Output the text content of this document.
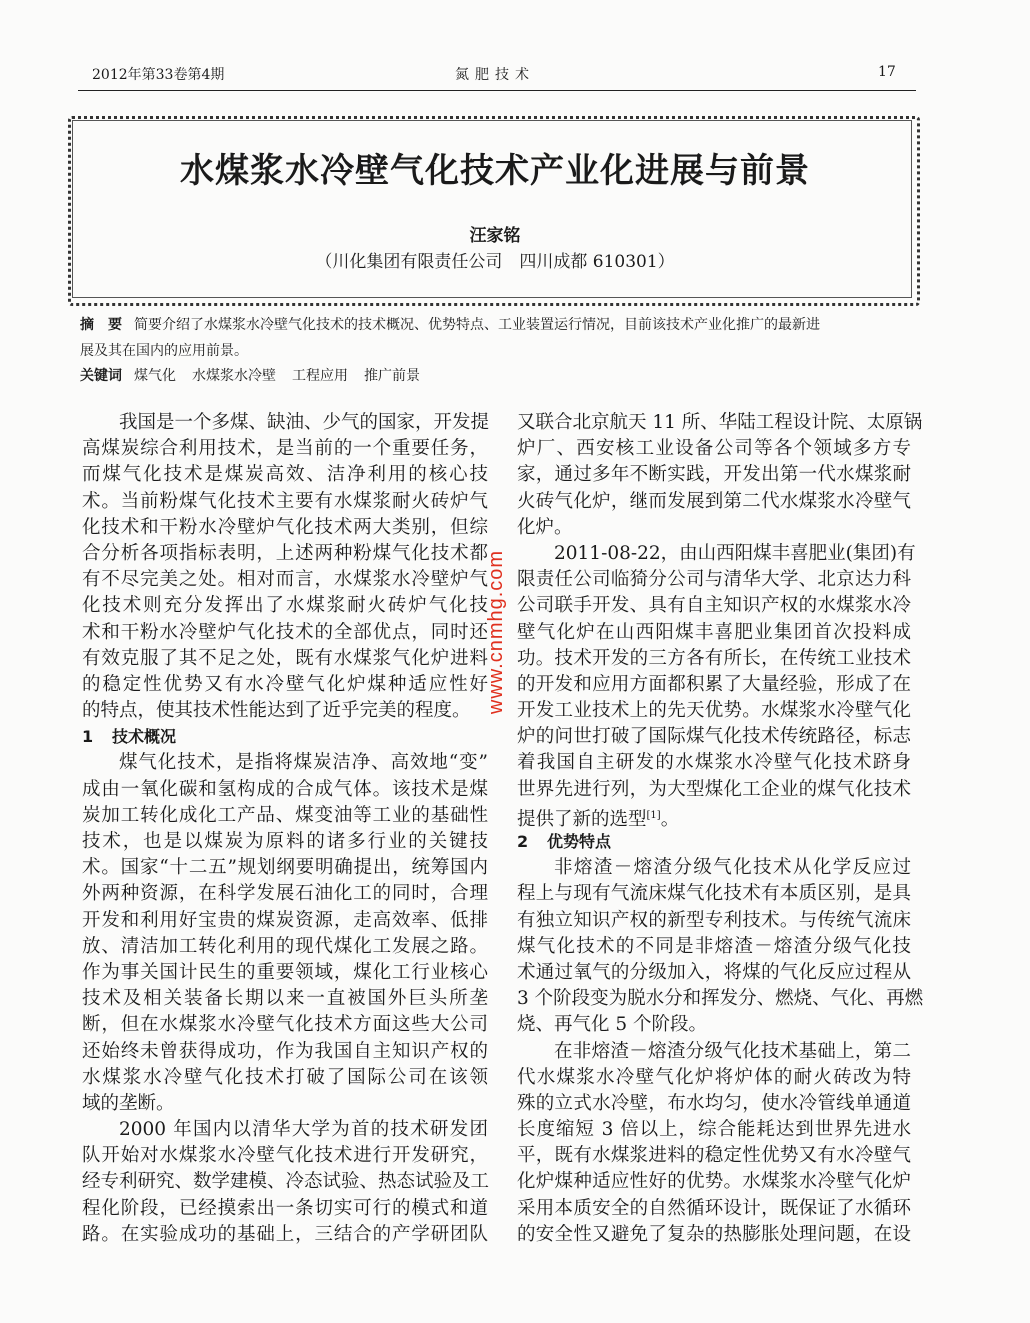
2012年第33卷第4期	氮肥技术	17
水煤浆水冷壁气化技术产业化进展与前景
汪家铭
（川化集团有限责任公司　四川成都 610301）
摘　要 简要介绍了水煤浆水冷壁气化技术的技术概况、优势特点、工业装置运行情况，目前该技术产业化推广的最新进
展及其在国内的应用前景。
关键词 煤气化 水煤浆水冷壁 工程应用 推广前景
我国是一个多煤、缺油、少气的国家，开发提
高煤炭综合利用技术，是当前的一个重要任务，
而煤气化技术是煤炭高效、洁净利用的核心技
术。当前粉煤气化技术主要有水煤浆耐火砖炉气
化技术和干粉水冷壁炉气化技术两大类别，但综
合分析各项指标表明，上述两种粉煤气化技术都
有不尽完美之处。相对而言，水煤浆水冷壁炉气
化技术则充分发挥出了水煤浆耐火砖炉气化技
术和干粉水冷壁炉气化技术的全部优点，同时还
有效克服了其不足之处，既有水煤浆气化炉进料
的稳定性优势又有水冷壁气化炉煤种适应性好
的特点，使其技术性能达到了近乎完美的程度。
1 技术概况
煤气化技术，是指将煤炭洁净、高效地“变”
成由一氧化碳和氢构成的合成气体。该技术是煤
炭加工转化成化工产品、煤变油等工业的基础性
技术，也是以煤炭为原料的诸多行业的关键技
术。国家“十二五”规划纲要明确提出，统筹国内
外两种资源，在科学发展石油化工的同时，合理
开发和利用好宝贵的煤炭资源，走高效率、低排
放、清洁加工转化利用的现代煤化工发展之路。
作为事关国计民生的重要领域，煤化工行业核心
技术及相关装备长期以来一直被国外巨头所垄
断，但在水煤浆水冷壁气化技术方面这些大公司
还始终未曾获得成功，作为我国自主知识产权的
水煤浆水冷壁气化技术打破了国际公司在该领
域的垄断。
2000 年国内以清华大学为首的技术研发团
队开始对水煤浆水冷壁气化技术进行开发研究，
经专利研究、数学建模、冷态试验、热态试验及工
程化阶段，已经摸索出一条切实可行的模式和道
路。在实验成功的基础上，三结合的产学研团队
又联合北京航天 11 所、华陆工程设计院、太原锅
炉厂、西安核工业设备公司等各个领域多方专
家，通过多年不断实践，开发出第一代水煤浆耐
火砖气化炉，继而发展到第二代水煤浆水冷壁气
化炉。
2011-08-22，由山西阳煤丰喜肥业(集团)有
限责任公司临猗分公司与清华大学、北京达力科
公司联手开发、具有自主知识产权的水煤浆水冷
壁气化炉在山西阳煤丰喜肥业集团首次投料成
功。技术开发的三方各有所长，在传统工业技术
的开发和应用方面都积累了大量经验，形成了在
开发工业技术上的先天优势。水煤浆水冷壁气化
炉的问世打破了国际煤气化技术传统路径，标志
着我国自主研发的水煤浆水冷壁气化技术跻身
世界先进行列，为大型煤化工企业的煤气化技术
提供了新的选型[1]。
2 优势特点
非熔渣－熔渣分级气化技术从化学反应过
程上与现有气流床煤气化技术有本质区别，是具
有独立知识产权的新型专利技术。与传统气流床
煤气化技术的不同是非熔渣－熔渣分级气化技
术通过氧气的分级加入，将煤的气化反应过程从
3 个阶段变为脱水分和挥发分、燃烧、气化、再燃
烧、再气化 5 个阶段。
在非熔渣－熔渣分级气化技术基础上，第二
代水煤浆水冷壁气化炉将炉体的耐火砖改为特
殊的立式水冷壁，布水均匀，使水冷管线单通道
长度缩短 3 倍以上，综合能耗达到世界先进水
平，既有水煤浆进料的稳定性优势又有水冷壁气
化炉煤种适应性好的优势。水煤浆水冷壁气化炉
采用本质安全的自然循环设计，既保证了水循环
的安全性又避免了复杂的热膨胀处理问题，在设
www.cnmhg.com
